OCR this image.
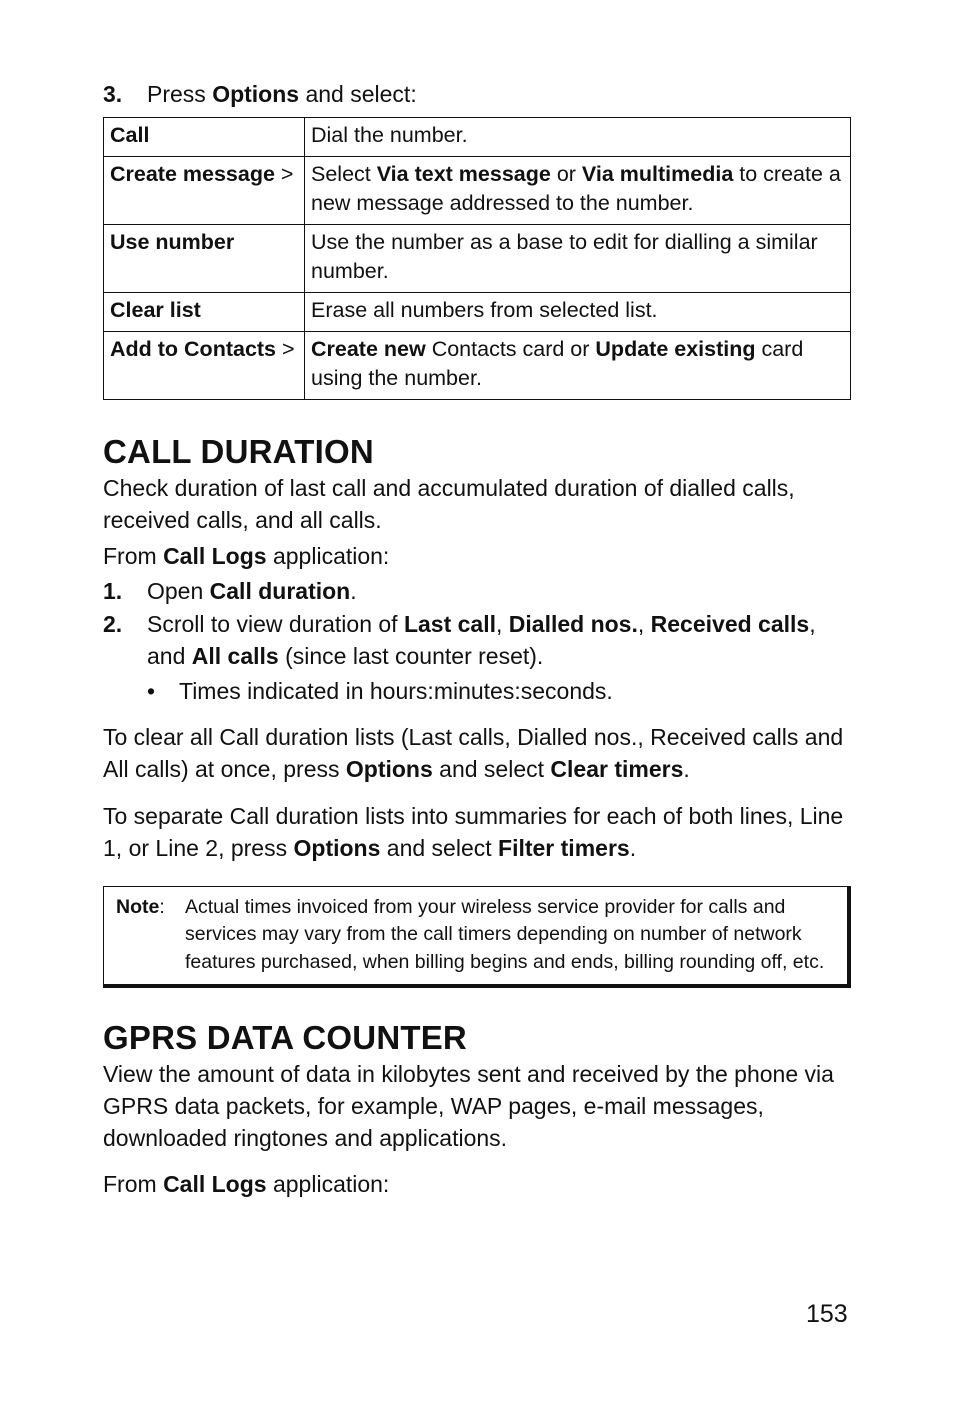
3. Press Options and select:
Call	Dial the number.
Create message >	Select Via text message or Via multimedia to create a new message addressed to the number.
Use number	Use the number as a base to edit for dialling a similar number.
Clear list	Erase all numbers from selected list.
Add to Contacts >	Create new Contacts card or Update existing card using the number.
CALL DURATION

Check duration of last call and accumulated duration of dialled calls, received calls, and all calls.

From Call Logs application:

1. Open Call duration.
2. Scroll to view duration of Last call, Dialled nos., Received calls, and All calls (since last counter reset).
• Times indicated in hours:minutes:seconds.

To clear all Call duration lists (Last calls, Dialled nos., Received calls and All calls) at once, press Options and select Clear timers.

To separate Call duration lists into summaries for each of both lines, Line 1, or Line 2, press Options and select Filter timers.

Note:	Actual times invoiced from your wireless service provider for calls and services may vary from the call timers depending on number of network features purchased, when billing begins and ends, billing rounding off, etc.
GPRS DATA COUNTER

View the amount of data in kilobytes sent and received by the phone via GPRS data packets, for example, WAP pages, e-mail messages, downloaded ringtones and applications.

From Call Logs application:

153
